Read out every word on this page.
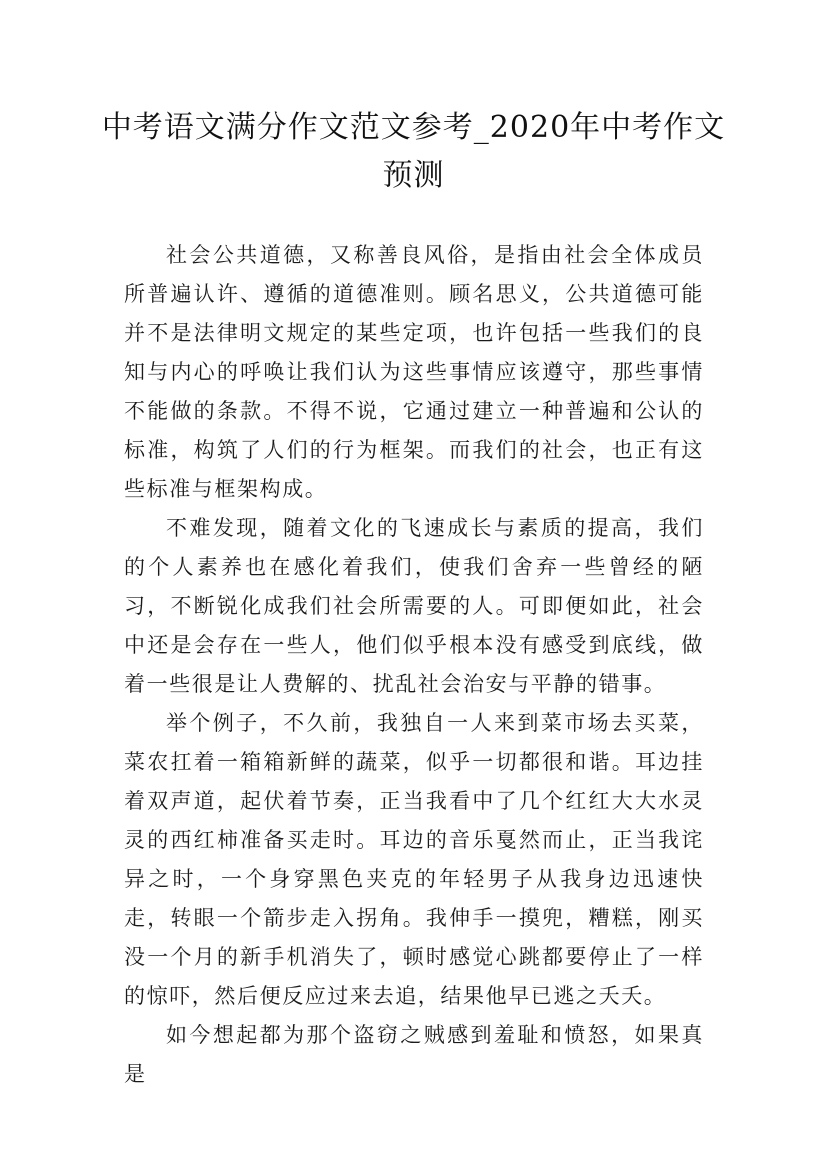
中考语文满分作文范文参考_2020年中考作文预测

社会公共道德，又称善良风俗，是指由社会全体成员所普遍认许、遵循的道德准则。顾名思义，公共道德可能并不是法律明文规定的某些定项，也许包括一些我们的良知与内心的呼唤让我们认为这些事情应该遵守，那些事情不能做的条款。不得不说，它通过建立一种普遍和公认的标准，构筑了人们的行为框架。而我们的社会，也正有这些标准与框架构成。

不难发现，随着文化的飞速成长与素质的提高，我们的个人素养也在感化着我们，使我们舍弃一些曾经的陋习，不断锐化成我们社会所需要的人。可即便如此，社会中还是会存在一些人，他们似乎根本没有感受到底线，做着一些很是让人费解的、扰乱社会治安与平静的错事。

举个例子，不久前，我独自一人来到菜市场去买菜，菜农扛着一箱箱新鲜的蔬菜，似乎一切都很和谐。耳边挂着双声道，起伏着节奏，正当我看中了几个红红大大水灵灵的西红柿准备买走时。耳边的音乐戛然而止，正当我诧异之时，一个身穿黑色夹克的年轻男子从我身边迅速快走，转眼一个箭步走入拐角。我伸手一摸兜，糟糕，刚买没一个月的新手机消失了，顿时感觉心跳都要停止了一样的惊吓，然后便反应过来去追，结果他早已逃之夭夭。

如今想起都为那个盗窃之贼感到羞耻和愤怒，如果真是
